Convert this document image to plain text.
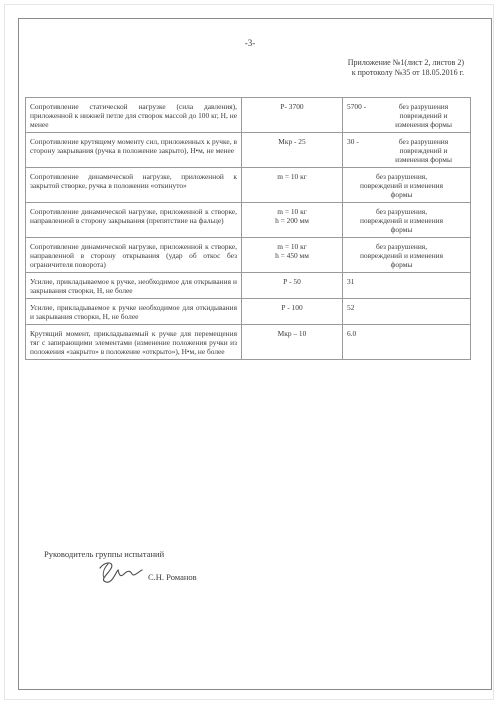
-3-
Приложение №1(лист 2, листов 2)
к протоколу №35 от 18.05.2016 г.
Сопротивление статической нагрузке (сила давления), приложенной к нижней петле для створок массой до 100 кг, Н, не менее	Р- 3700	5700 - без разрушения
повреждений и
изменения формы

Сопротивление крутящему моменту сил, приложенных к ручке, в сторону закрывания (ручка в положение закрыто), Н•м, не менее	Мкр - 25	30 - без разрушения
повреждений и
изменения формы

Сопротивление динамической нагрузке, приложенной к закрытой створке, ручка в положении «откинуто»	m = 10 кг	без разрушения,
повреждений и изменения
формы

Сопротивление динамической нагрузке, приложенной к створке, направленной в сторону закрывания (препятствие на фальце)	m = 10 кг
h = 200 мм	без разрушения,
повреждений и изменения
формы

Сопротивление динамической нагрузке, приложенной к створке, направленной в сторону открывания (удар об откос без ограничителя поворота)	m = 10 кг
h = 450 мм	без разрушения,
повреждений и изменения
формы

Усилие, прикладываемое к ручке, необходимое для открывания и закрывания створки, Н, не более	Р - 50	31

Усилие, прикладываемое к ручке необходимое для откидывания и закрывания створки, Н, не более	Р - 100	52

Крутящий момент, прикладываемый к ручке для перемещения тяг с запирающими элементами (изменение положения ручки из положения «закрыто» в положение «открыто»), Н•м, не более	Мкр – 10	6.0
Руководитель группы испытаний
С.Н. Романов
